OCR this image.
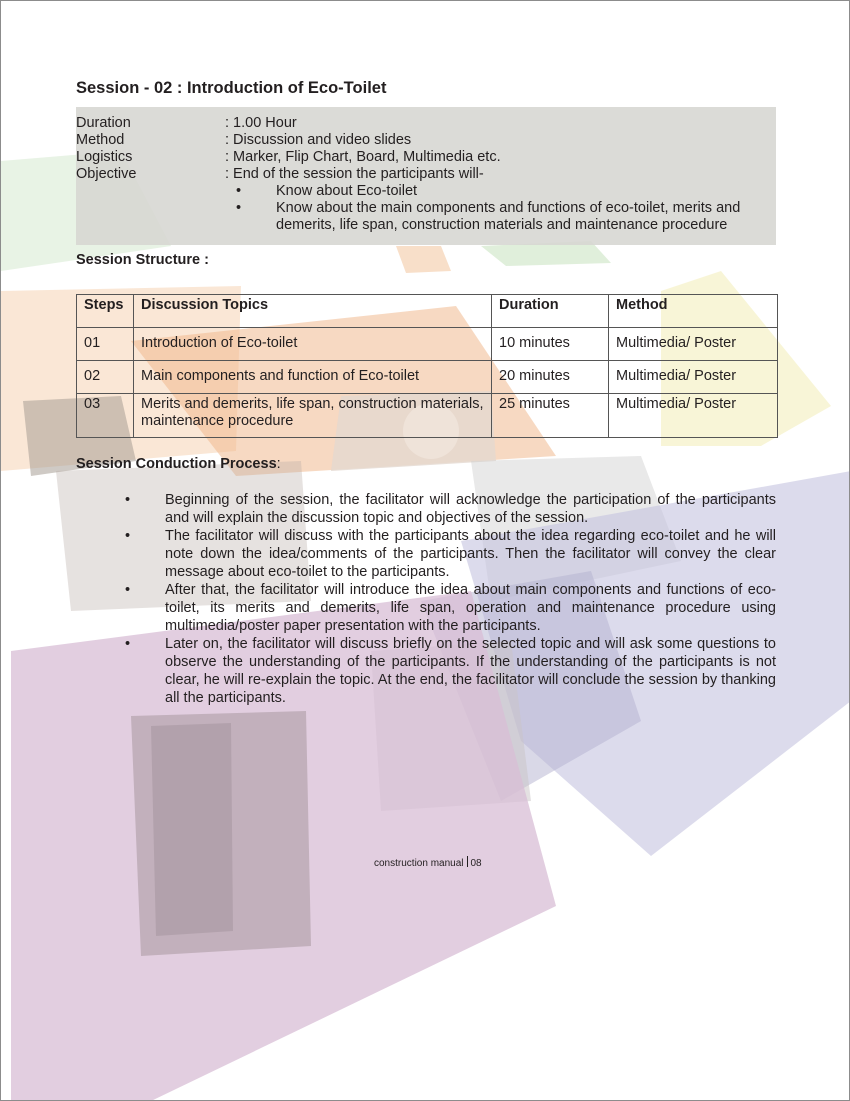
Session - 02 : Introduction of Eco-Toilet
Duration	: 1.00 Hour
Method	: Discussion and video slides
Logistics	: Marker, Flip Chart, Board, Multimedia etc.
Objective	: End of the session the participants will-
• Know about Eco-toilet
• Know about the main components and functions of eco-toilet, merits and demerits, life span, construction materials and maintenance procedure
Session Structure :
Steps	Discussion Topics	Duration	Method
01	Introduction of Eco-toilet	10 minutes	Multimedia/ Poster
02	Main components and function of Eco-toilet	20 minutes	Multimedia/ Poster
03	Merits and demerits, life span, construction materials, maintenance procedure	25 minutes	Multimedia/ Poster
Session Conduction Process:
• Beginning of the session, the facilitator will acknowledge the participation of the participants and will explain the discussion topic and objectives of the session.
• The facilitator will discuss with the participants about the idea regarding eco-toilet and he will note down the idea/comments of the participants. Then the facilitator will convey the clear message about eco-toilet to the participants.
• After that, the facilitator will introduce the idea about main components and functions of eco-toilet, its merits and demerits, life span, operation and maintenance procedure using multimedia/poster paper presentation with the participants.
• Later on, the facilitator will discuss briefly on the selected topic and will ask some questions to observe the understanding of the participants. If the understanding of the participants is not clear, he will re-explain the topic. At the end, the facilitator will conclude the session by thanking all the participants.
construction manual 08
